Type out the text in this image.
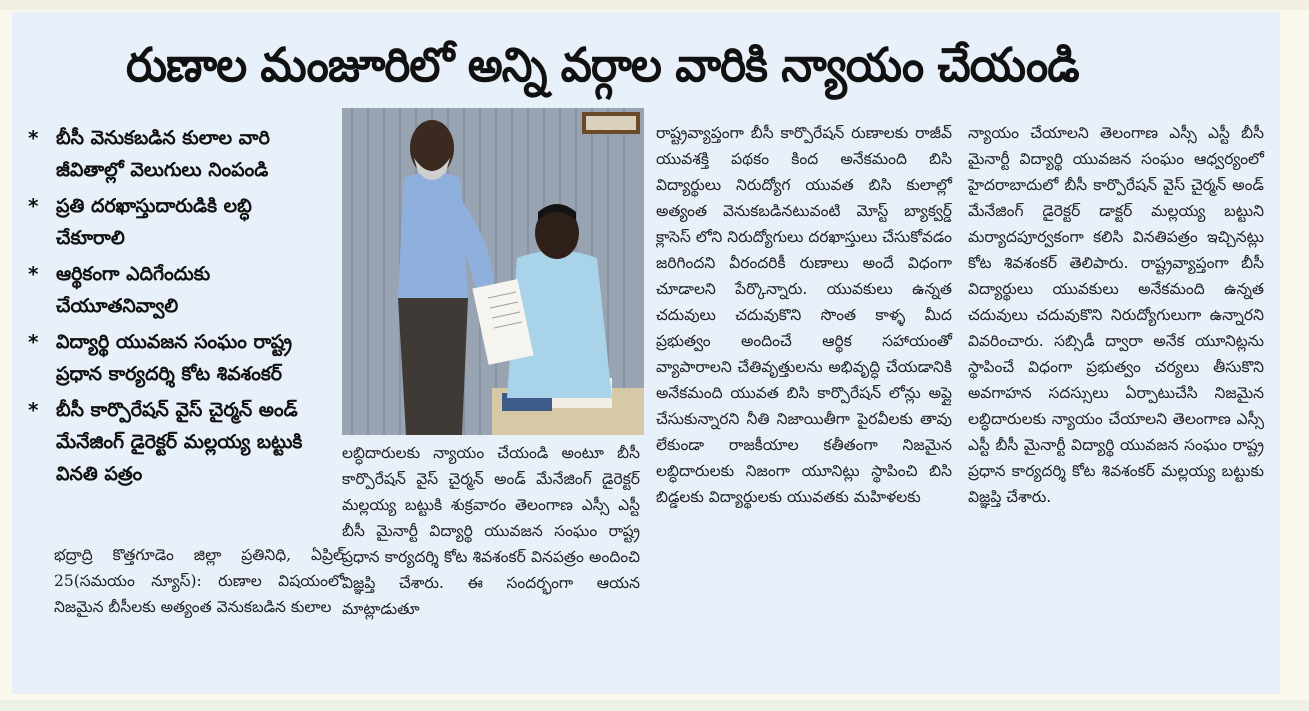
రుణాల మంజూరిలో అన్ని వర్గాల వారికి న్యాయం చేయండి
* బీసీ వెనుకబడిన కులాల వారి జీవితాల్లో వెలుగులు నింపండి
* ప్రతి దరఖాస్తుదారుడికి లబ్ధి చేకూరాలి
* ఆర్థికంగా ఎదిగేందుకు చేయూతనివ్వాలి
* విద్యార్థి యువజన సంఘం రాష్ట్ర ప్రధాన కార్యదర్శి కోట శివశంకర్
* బీసీ కార్పొరేషన్ వైస్ చైర్మన్ అండ్ మేనేజింగ్ డైరెక్టర్ మల్లయ్య బట్టుకి వినతి పత్రం

భద్రాద్రి కొత్తగూడెం జిల్లా ప్రతినిధి, ఏప్రిల్ 25(సమయం న్యూస్): రుణాల విషయంలో నిజమైన బీసీలకు అత్యంత వెనుకబడిన కులాల

లబ్ధిదారులకు న్యాయం చేయండి అంటూ బీసీ కార్పొరేషన్ వైస్ చైర్మన్ అండ్ మేనేజింగ్ డైరెక్టర్ మల్లయ్య బట్టుకి శుక్రవారం తెలంగాణ ఎస్సీ ఎస్టీ బీసీ మైనార్టీ విద్యార్థి యువజన సంఘం రాష్ట్ర ప్రధాన కార్యదర్శి కోట శివశంకర్ వినపత్రం అందించి విజ్ఞప్తి చేశారు. ఈ సందర్భంగా ఆయన మాట్లాడుతూ

రాష్ట్రవ్యాప్తంగా బీసీ కార్పొరేషన్ రుణాలకు రాజీవ్ యువశక్తి పథకం కింద అనేకమంది బిసి విద్యార్థులు నిరుద్యోగ యువత బిసి కులాల్లో అత్యంత వెనుకబడినటువంటి మోస్ట్ బ్యాక్వర్డ్ క్లాసెస్ లోని నిరుద్యోగులు దరఖాస్తులు చేసుకోవడం జరిగిందని వీరందరికీ రుణాలు అందే విధంగా చూడాలని పేర్కొన్నారు. యువకులు ఉన్నత చదువులు చదువుకొని సొంత కాళ్ళ మీద ప్రభుత్వం అందించే ఆర్థిక సహాయంతో వ్యాపారాలని చేతివృత్తులను అభివృద్ధి చేయడానికి అనేకమంది యువత బిసి కార్పొరేషన్ లోన్లు అప్లై చేసుకున్నారని నీతి నిజాయితీగా పైరవీలకు తావు లేకుండా రాజకీయాల కతీతంగా నిజమైన లబ్ధిదారులకు నిజంగా యూనిట్లు స్థాపించి బిసి బిడ్డలకు విద్యార్థులకు యువతకు మహిళలకు

న్యాయం చేయాలని తెలంగాణ ఎస్సీ ఎస్టీ బీసీ మైనార్టీ విద్యార్థి యువజన సంఘం ఆధ్వర్యంలో హైదరాబాదులో బీసీ కార్పొరేషన్ వైస్ చైర్మన్ అండ్ మేనేజింగ్ డైరెక్టర్ డాక్టర్ మల్లయ్య బట్టుని మర్యాదపూర్వకంగా కలిసి వినతిపత్రం ఇచ్చినట్లు కోట శివశంకర్ తెలిపారు. రాష్ట్రవ్యాప్తంగా బీసీ విద్యార్థులు యువకులు అనేకమంది ఉన్నత చదువులు చదువుకొని నిరుద్యోగులుగా ఉన్నారని వివరించారు. సబ్సిడీ ద్వారా అనేక యూనిట్లను స్థాపించే విధంగా ప్రభుత్వం చర్యలు తీసుకొని అవగాహన సదస్సులు ఏర్పాటుచేసి నిజమైన లబ్ధిదారులకు న్యాయం చేయాలని తెలంగాణ ఎస్సీ ఎస్టీ బీసీ మైనార్టీ విద్యార్థి యువజన సంఘం రాష్ట్ర ప్రధాన కార్యదర్శి కోట శివశంకర్ మల్లయ్య బట్టుకు విజ్ఞప్తి చేశారు.
